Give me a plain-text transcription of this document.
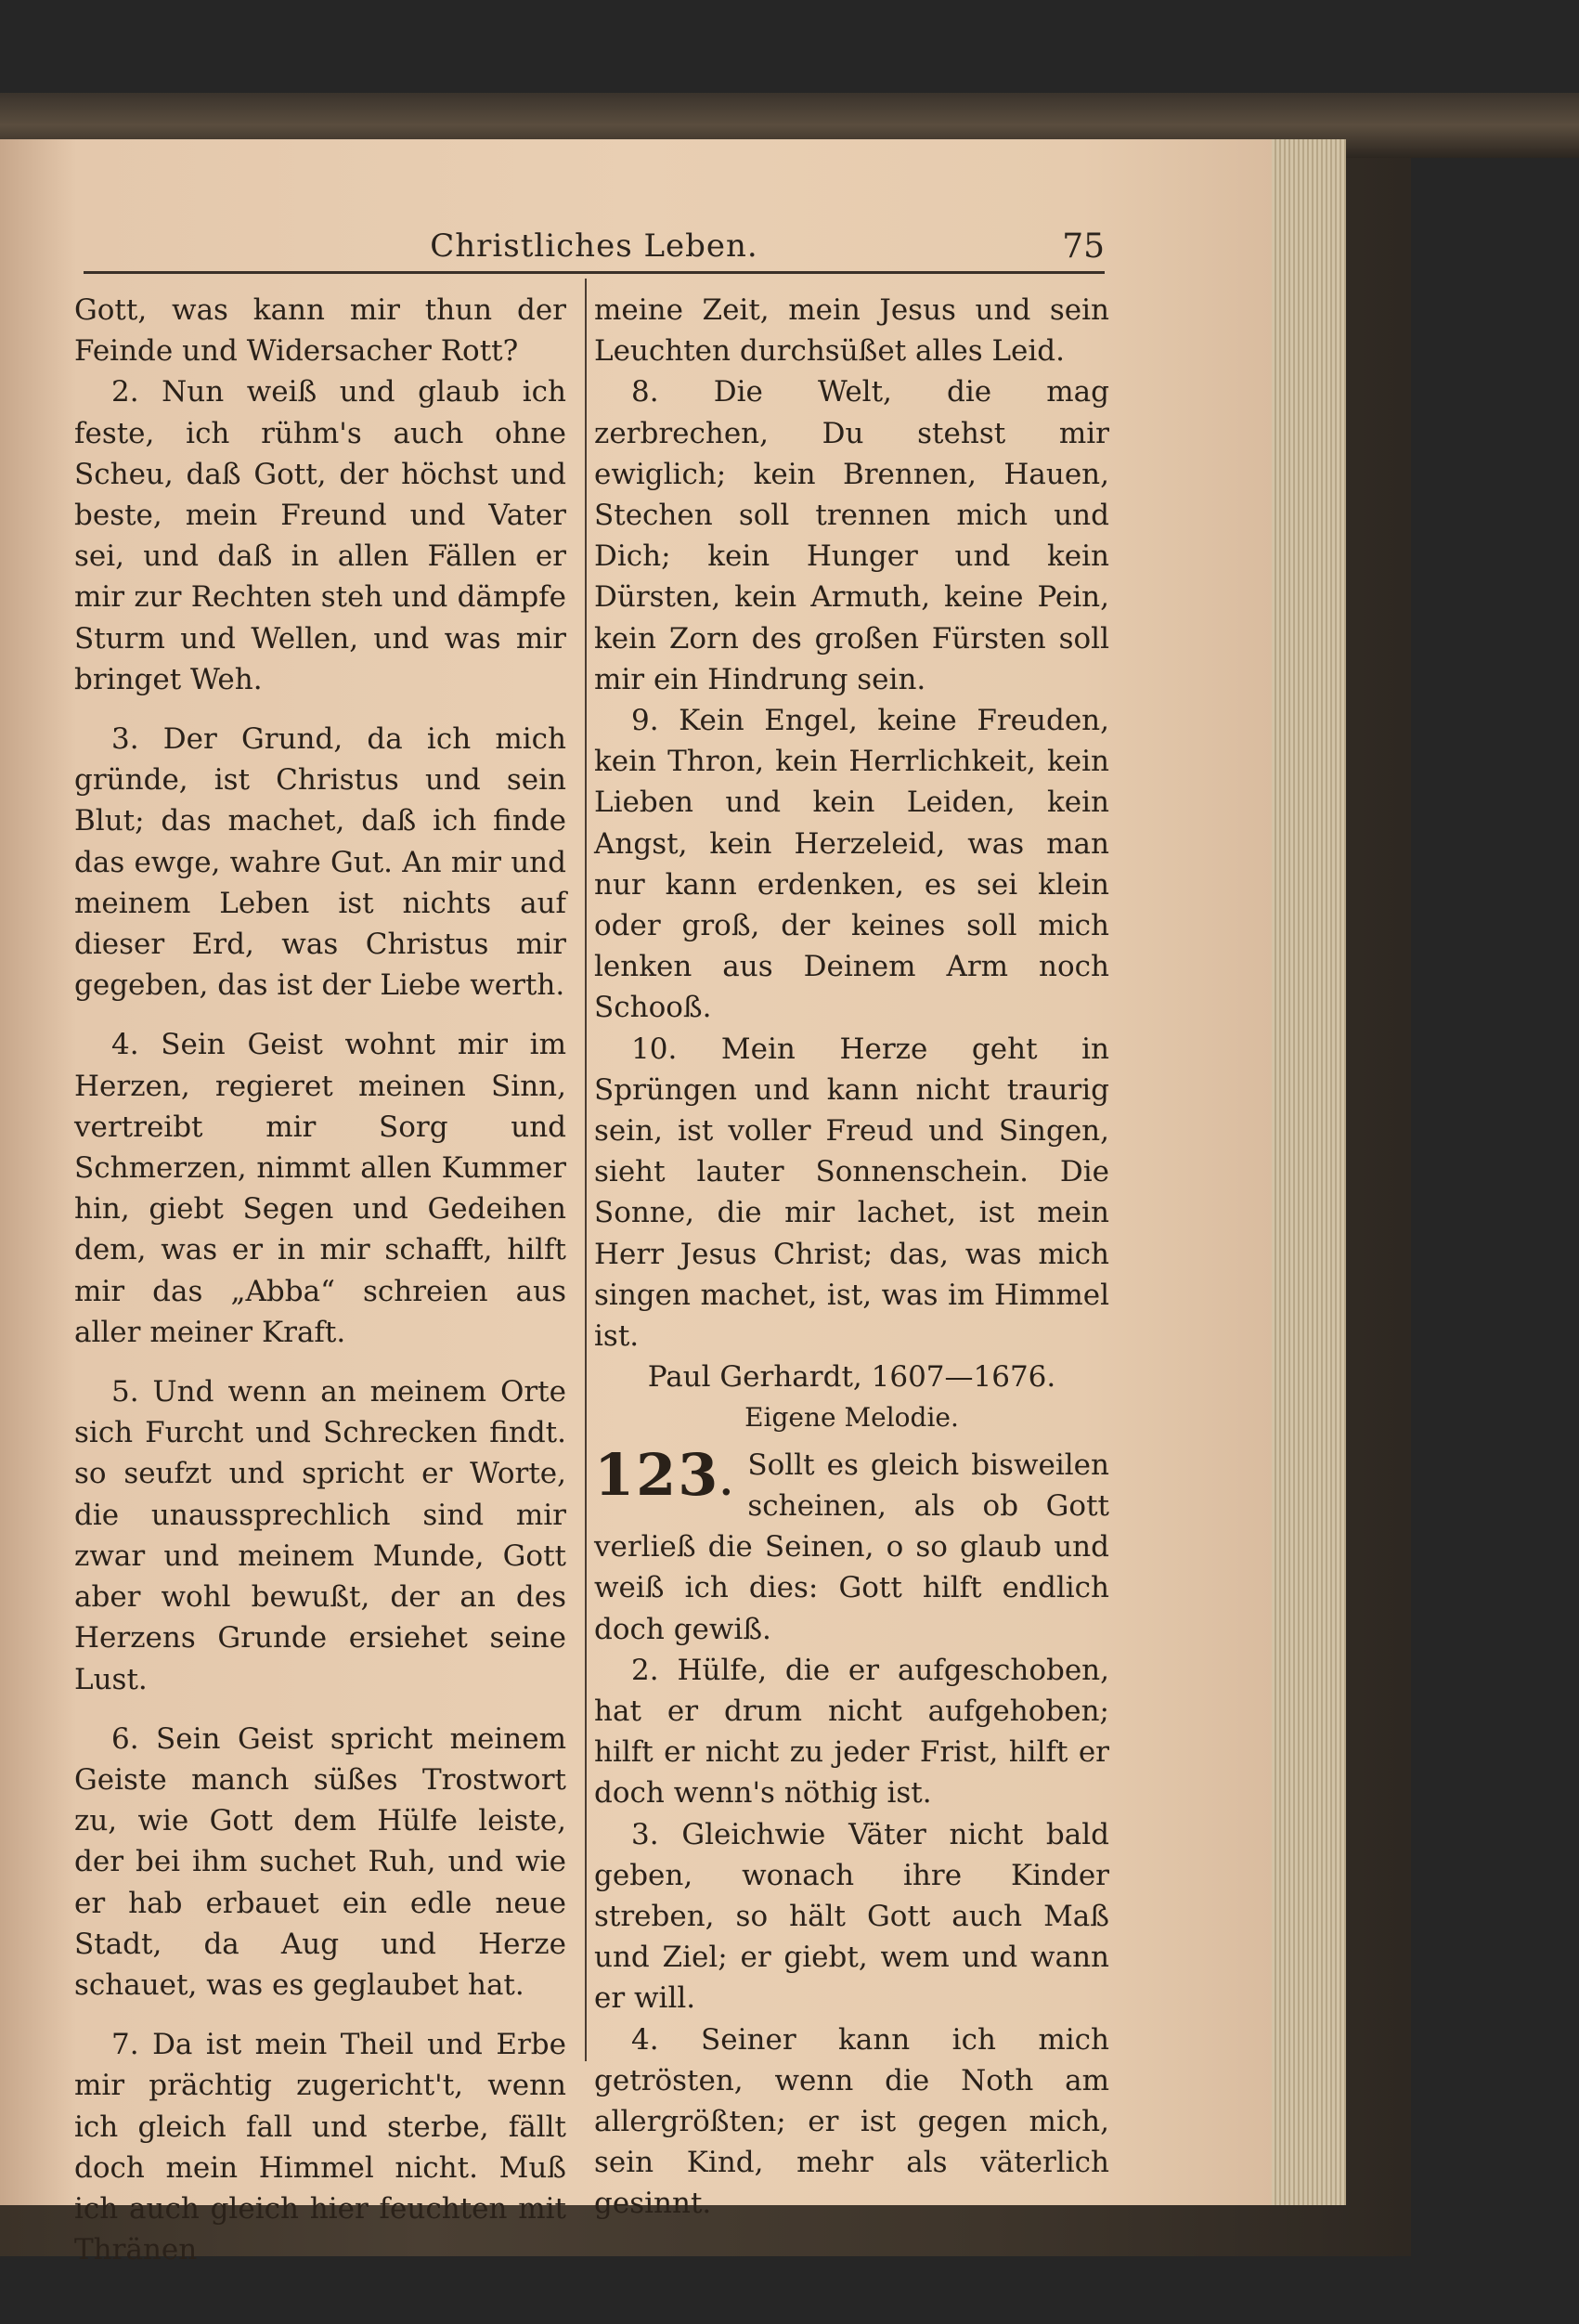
Christliches Leben.	75

Gott, was kann mir thun der Feinde und Widersacher Rott?

2. Nun weiß und glaub ich feste, ich rühm's auch ohne Scheu, daß Gott, der höchst und beste, mein Freund und Vater sei, und daß in allen Fällen er mir zur Rechten steh und dämpfe Sturm und Wellen, und was mir bringet Weh.

3. Der Grund, da ich mich gründe, ist Christus und sein Blut; das machet, daß ich finde das ewge, wahre Gut. An mir und meinem Leben ist nichts auf dieser Erd, was Christus mir gegeben, das ist der Liebe werth.

4. Sein Geist wohnt mir im Herzen, regieret meinen Sinn, vertreibt mir Sorg und Schmerzen, nimmt allen Kummer hin, giebt Segen und Gedeihen dem, was er in mir schafft, hilft mir das „Abba“ schreien aus aller meiner Kraft.

5. Und wenn an meinem Orte sich Furcht und Schrecken findt. so seufzt und spricht er Worte, die unaussprechlich sind mir zwar und meinem Munde, Gott aber wohl bewußt, der an des Herzens Grunde ersiehet seine Lust.

6. Sein Geist spricht meinem Geiste manch süßes Trostwort zu, wie Gott dem Hülfe leiste, der bei ihm suchet Ruh, und wie er hab erbauet ein edle neue Stadt, da Aug und Herze schauet, was es geglaubet hat.

7. Da ist mein Theil und Erbe mir prächtig zugericht't, wenn ich gleich fall und sterbe, fällt doch mein Himmel nicht. Muß ich auch gleich hier feuchten mit Thränen

meine Zeit, mein Jesus und sein Leuchten durchsüßet alles Leid.

8. Die Welt, die mag zerbrechen, Du stehst mir ewiglich; kein Brennen, Hauen, Stechen soll trennen mich und Dich; kein Hunger und kein Dürsten, kein Armuth, keine Pein, kein Zorn des großen Fürsten soll mir ein Hindrung sein.

9. Kein Engel, keine Freuden, kein Thron, kein Herrlichkeit, kein Lieben und kein Leiden, kein Angst, kein Herzeleid, was man nur kann erdenken, es sei klein oder groß, der keines soll mich lenken aus Deinem Arm noch Schooß.

10. Mein Herze geht in Sprüngen und kann nicht traurig sein, ist voller Freud und Singen, sieht lauter Sonnenschein. Die Sonne, die mir lachet, ist mein Herr Jesus Christ; das, was mich singen machet, ist, was im Himmel ist.

Paul Gerhardt, 1607—1676.

Eigene Melodie.

123. Sollt es gleich bisweilen scheinen, als ob Gott verließ die Seinen, o so glaub und weiß ich dies: Gott hilft endlich doch gewiß.

2. Hülfe, die er aufgeschoben, hat er drum nicht aufgehoben; hilft er nicht zu jeder Frist, hilft er doch wenn's nöthig ist.

3. Gleichwie Väter nicht bald geben, wonach ihre Kinder streben, so hält Gott auch Maß und Ziel; er giebt, wem und wann er will.

4. Seiner kann ich mich getrösten, wenn die Noth am allergrößten; er ist gegen mich, sein Kind, mehr als väterlich gesinnt.
